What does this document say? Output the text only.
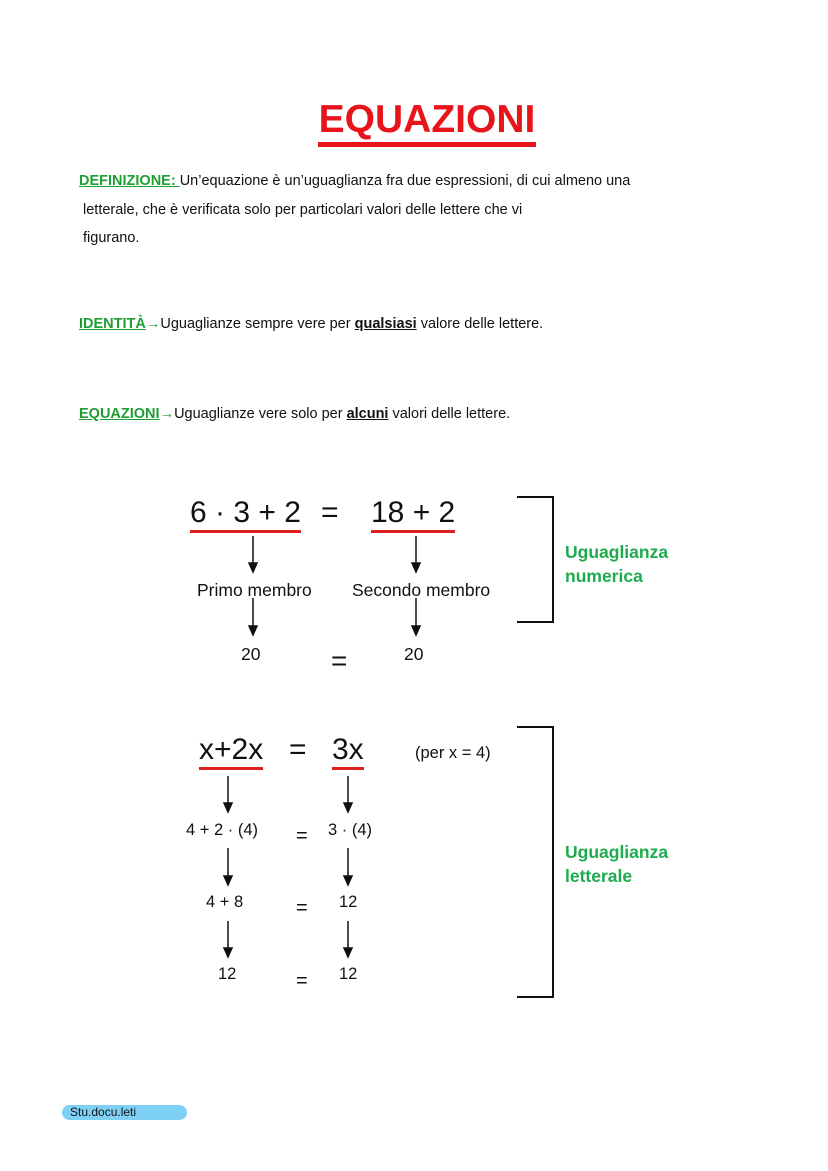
EQUAZIONI
DEFINIZIONE: Un’equazione è un’uguaglianza fra due espressioni, di cui almeno una
letterale, che è verificata solo per particolari valori delle lettere che vi
figurano.
IDENTITÀ→Uguaglianze sempre vere per qualsiasi valore delle lettere.
EQUAZIONI→Uguaglianze vere solo per alcuni valori delle lettere.
6 · 3 + 2 = 18 + 2
Primo membro Secondo membro
20	=	20
Uguaglianza
numerica
x+2x = 3x	(per x = 4)
4 + 2 · (4) = 3 · (4)
4 + 8	= 12
12	= 12
Uguaglianza
letterale
Stu.docu.leti
